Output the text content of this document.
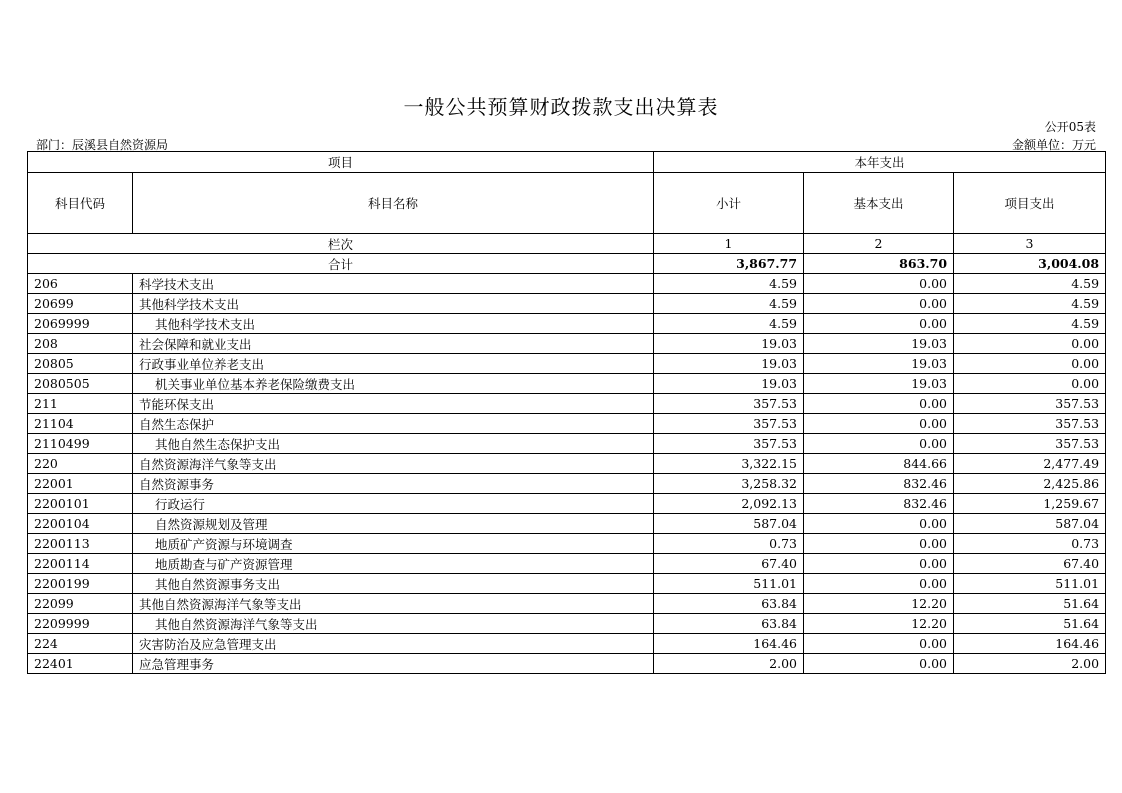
一般公共预算财政拨款支出决算表
公开05表
部门：辰溪县自然资源局	金额单位：万元
项目		本年支出		
科目代码	科目名称	小计	基本支出	项目支出
栏次		1	2	3
合计		3,867.77	863.70	3,004.08
206	科学技术支出	4.59	0.00	4.59
20699	其他科学技术支出	4.59	0.00	4.59
2069999	其他科学技术支出	4.59	0.00	4.59
208	社会保障和就业支出	19.03	19.03	0.00
20805	行政事业单位养老支出	19.03	19.03	0.00
2080505	机关事业单位基本养老保险缴费支出	19.03	19.03	0.00
211	节能环保支出	357.53	0.00	357.53
21104	自然生态保护	357.53	0.00	357.53
2110499	其他自然生态保护支出	357.53	0.00	357.53
220	自然资源海洋气象等支出	3,322.15	844.66	2,477.49
22001	自然资源事务	3,258.32	832.46	2,425.86
2200101	行政运行	2,092.13	832.46	1,259.67
2200104	自然资源规划及管理	587.04	0.00	587.04
2200113	地质矿产资源与环境调查	0.73	0.00	0.73
2200114	地质勘查与矿产资源管理	67.40	0.00	67.40
2200199	其他自然资源事务支出	511.01	0.00	511.01
22099	其他自然资源海洋气象等支出	63.84	12.20	51.64
2209999	其他自然资源海洋气象等支出	63.84	12.20	51.64
224	灾害防治及应急管理支出	164.46	0.00	164.46
22401	应急管理事务	2.00	0.00	2.00
